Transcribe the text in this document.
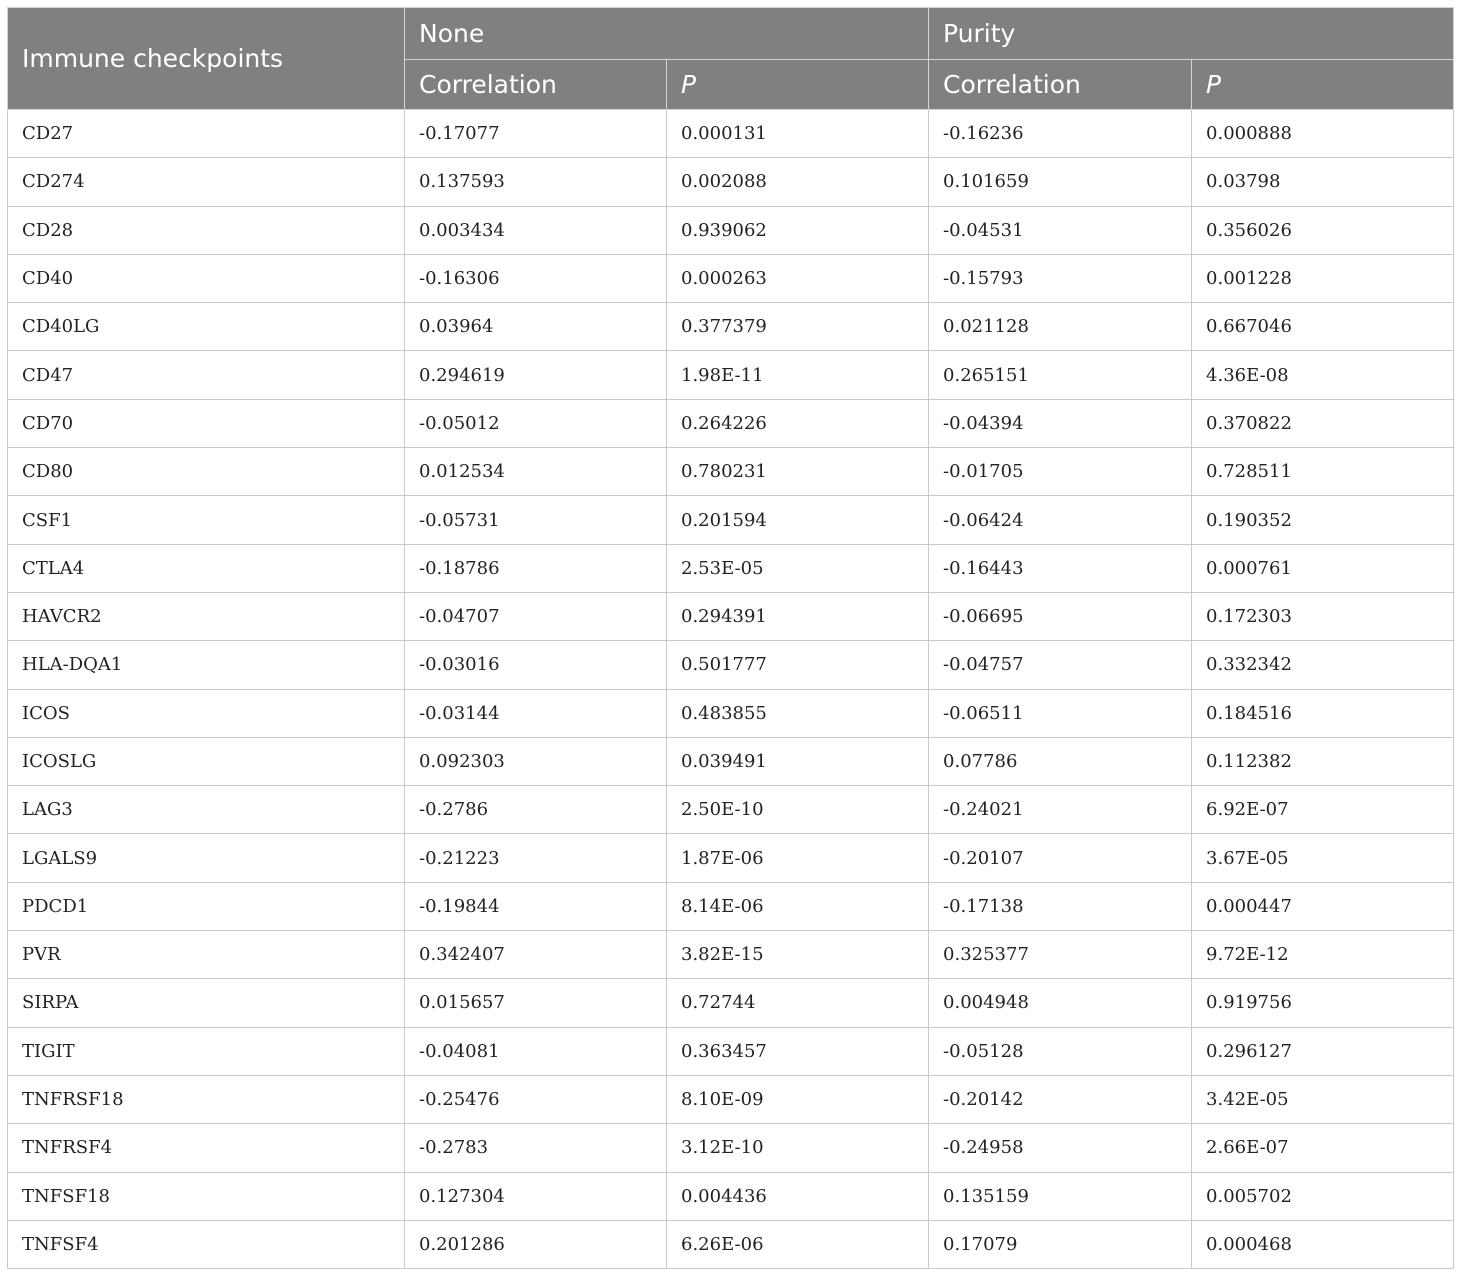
Immune checkpoints	None		Purity	
	Correlation	P	Correlation	P
CD27	-0.17077	0.000131	-0.16236	0.000888
CD274	0.137593	0.002088	0.101659	0.03798
CD28	0.003434	0.939062	-0.04531	0.356026
CD40	-0.16306	0.000263	-0.15793	0.001228
CD40LG	0.03964	0.377379	0.021128	0.667046
CD47	0.294619	1.98E-11	0.265151	4.36E-08
CD70	-0.05012	0.264226	-0.04394	0.370822
CD80	0.012534	0.780231	-0.01705	0.728511
CSF1	-0.05731	0.201594	-0.06424	0.190352
CTLA4	-0.18786	2.53E-05	-0.16443	0.000761
HAVCR2	-0.04707	0.294391	-0.06695	0.172303
HLA-DQA1	-0.03016	0.501777	-0.04757	0.332342
ICOS	-0.03144	0.483855	-0.06511	0.184516
ICOSLG	0.092303	0.039491	0.07786	0.112382
LAG3	-0.2786	2.50E-10	-0.24021	6.92E-07
LGALS9	-0.21223	1.87E-06	-0.20107	3.67E-05
PDCD1	-0.19844	8.14E-06	-0.17138	0.000447
PVR	0.342407	3.82E-15	0.325377	9.72E-12
SIRPA	0.015657	0.72744	0.004948	0.919756
TIGIT	-0.04081	0.363457	-0.05128	0.296127
TNFRSF18	-0.25476	8.10E-09	-0.20142	3.42E-05
TNFRSF4	-0.2783	3.12E-10	-0.24958	2.66E-07
TNFSF18	0.127304	0.004436	0.135159	0.005702
TNFSF4	0.201286	6.26E-06	0.17079	0.000468
